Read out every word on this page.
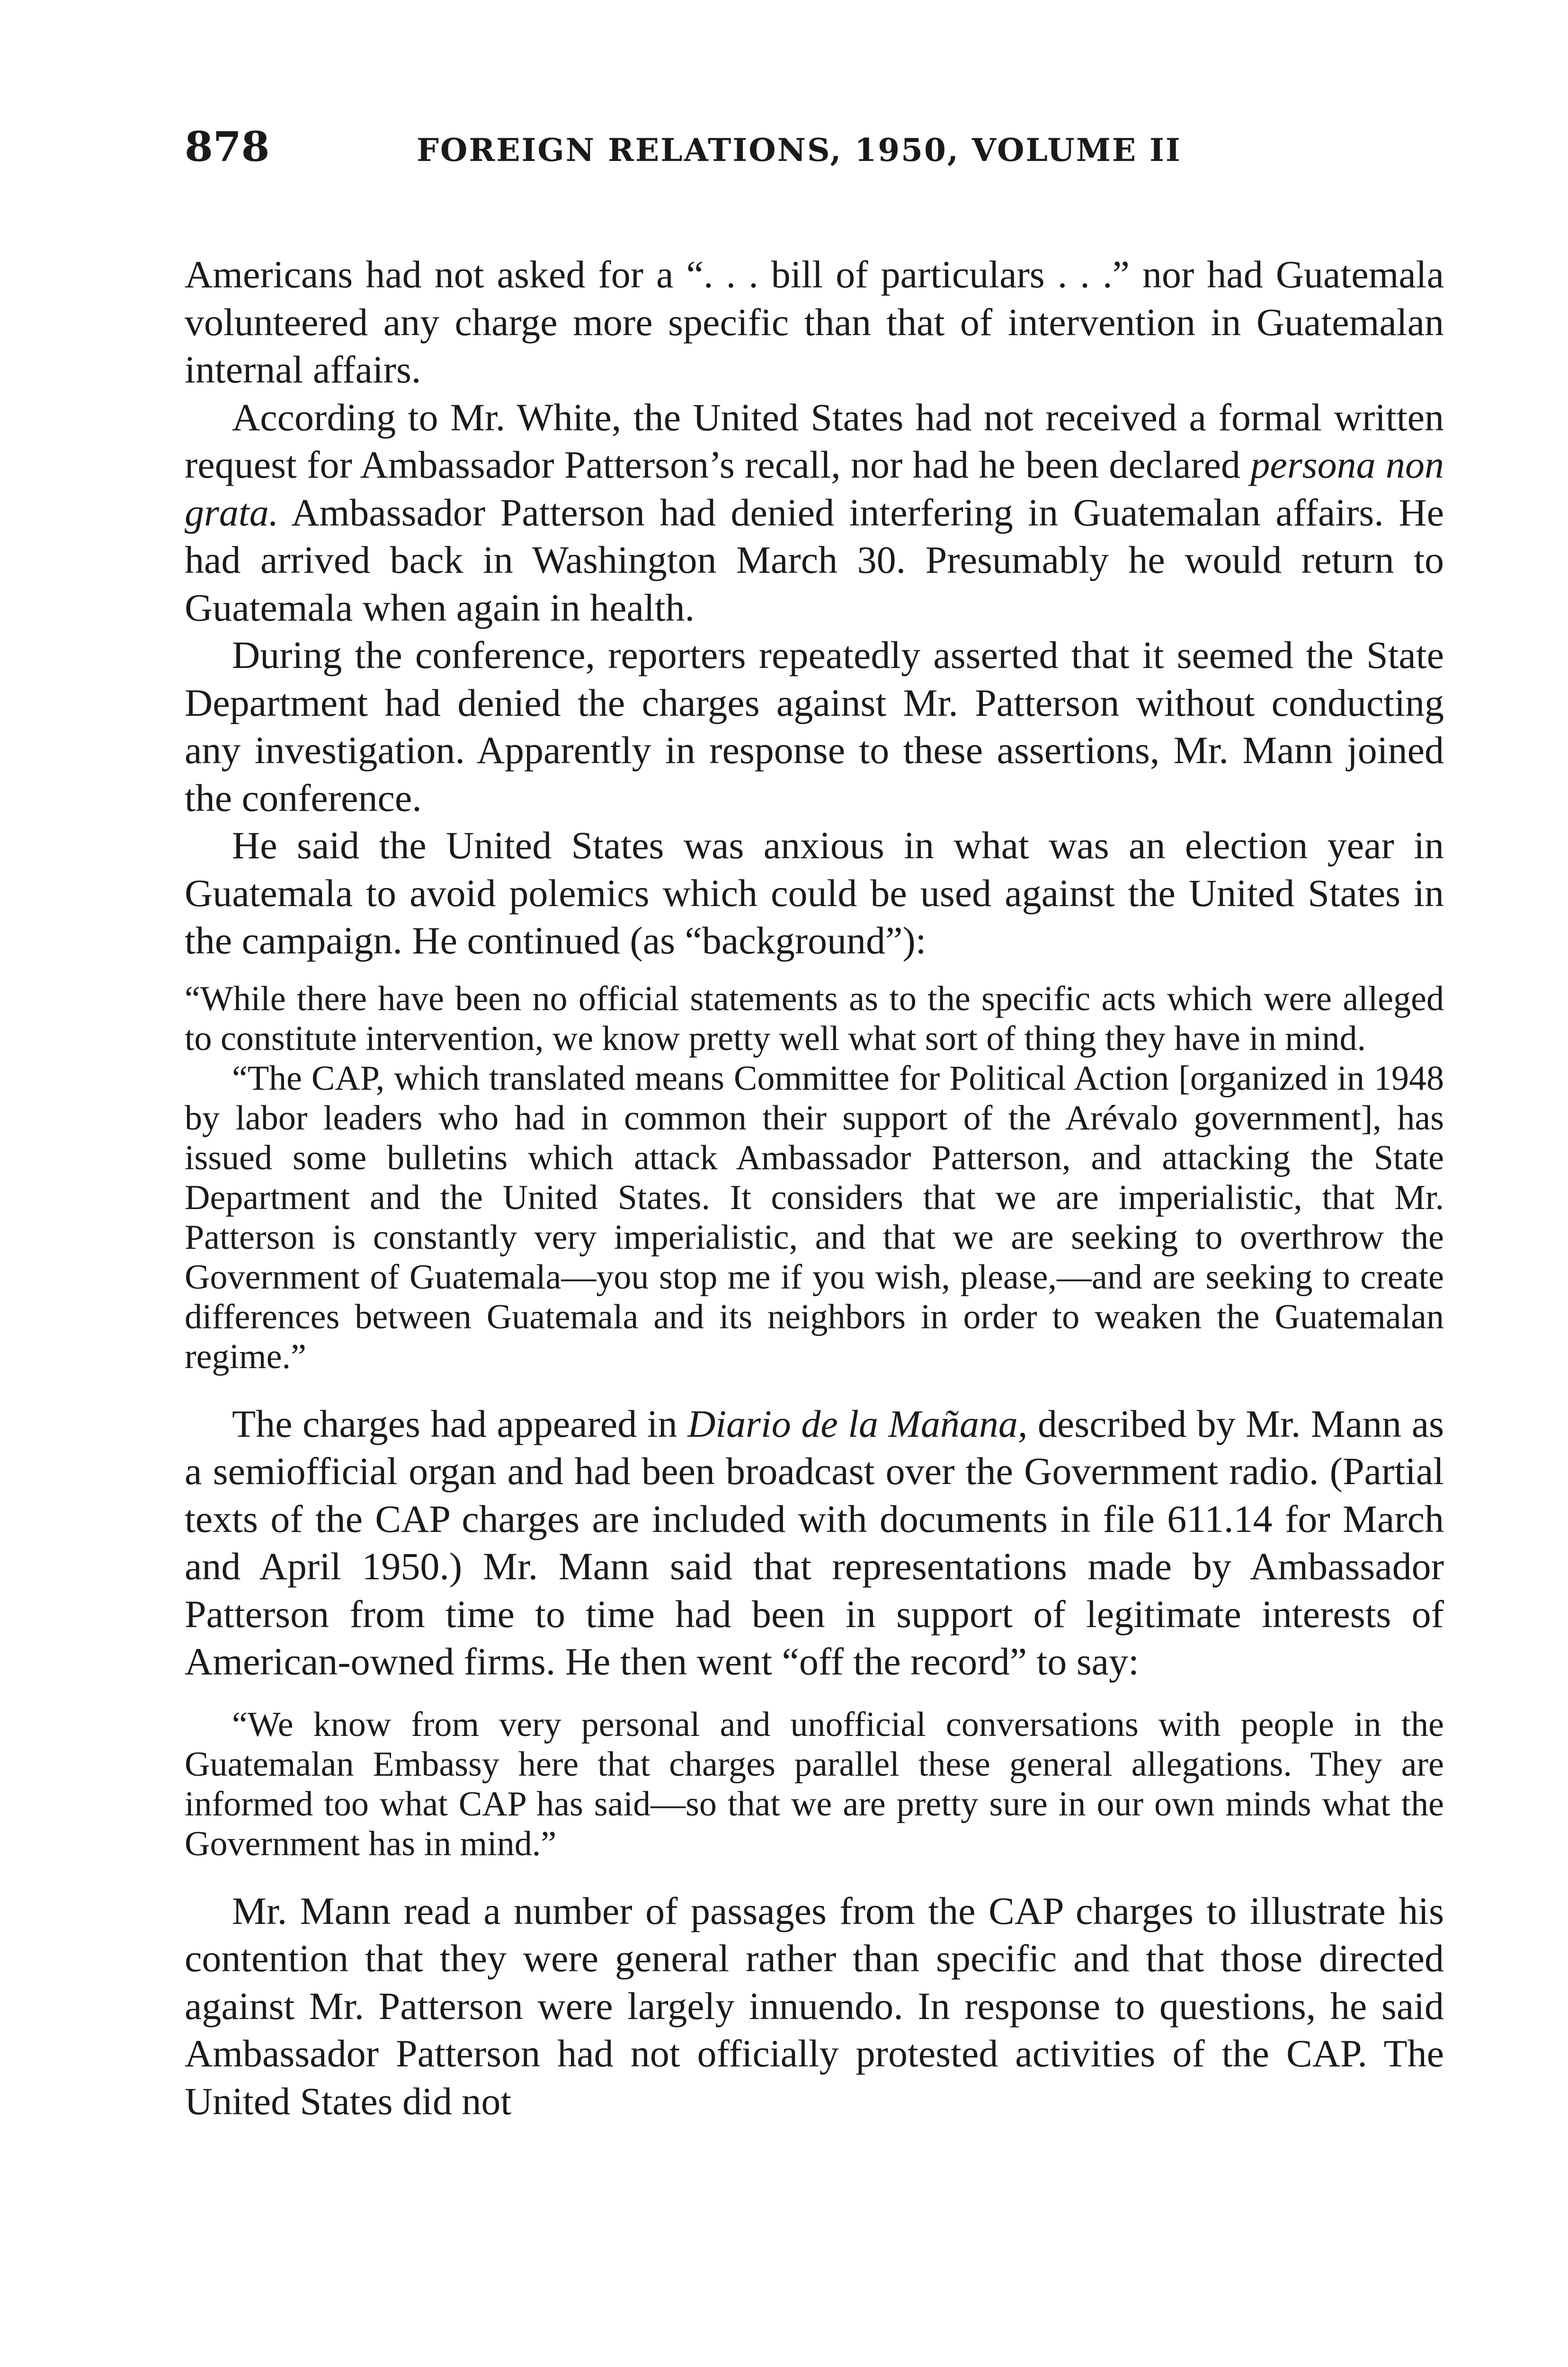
878	FOREIGN RELATIONS, 1950, VOLUME II

Americans had not asked for a “. . . bill of particulars . . .” nor had Guatemala volunteered any charge more specific than that of intervention in Guatemalan internal affairs.

According to Mr. White, the United States had not received a formal written request for Ambassador Patterson’s recall, nor had he been declared persona non grata. Ambassador Patterson had denied interfering in Guatemalan affairs. He had arrived back in Washington March 30. Presumably he would return to Guatemala when again in health.

During the conference, reporters repeatedly asserted that it seemed the State Department had denied the charges against Mr. Patterson without conducting any investigation. Apparently in response to these assertions, Mr. Mann joined the conference.

He said the United States was anxious in what was an election year in Guatemala to avoid polemics which could be used against the United States in the campaign. He continued (as “background”):

“While there have been no official statements as to the specific acts which were alleged to constitute intervention, we know pretty well what sort of thing they have in mind.

“The CAP, which translated means Committee for Political Action [organized in 1948 by labor leaders who had in common their support of the Arévalo government], has issued some bulletins which attack Ambassador Patterson, and attacking the State Department and the United States. It considers that we are imperialistic, that Mr. Patterson is constantly very imperialistic, and that we are seeking to overthrow the Government of Guatemala—you stop me if you wish, please,—and are seeking to create differences between Guatemala and its neighbors in order to weaken the Guatemalan regime.”

The charges had appeared in Diario de la Mañana, described by Mr. Mann as a semiofficial organ and had been broadcast over the Government radio. (Partial texts of the CAP charges are included with documents in file 611.14 for March and April 1950.) Mr. Mann said that representations made by Ambassador Patterson from time to time had been in support of legitimate interests of American-owned firms. He then went “off the record” to say:

“We know from very personal and unofficial conversations with people in the Guatemalan Embassy here that charges parallel these general allegations. They are informed too what CAP has said—so that we are pretty sure in our own minds what the Government has in mind.”

Mr. Mann read a number of passages from the CAP charges to illustrate his contention that they were general rather than specific and that those directed against Mr. Patterson were largely innuendo. In response to questions, he said Ambassador Patterson had not officially protested activities of the CAP. The United States did not
